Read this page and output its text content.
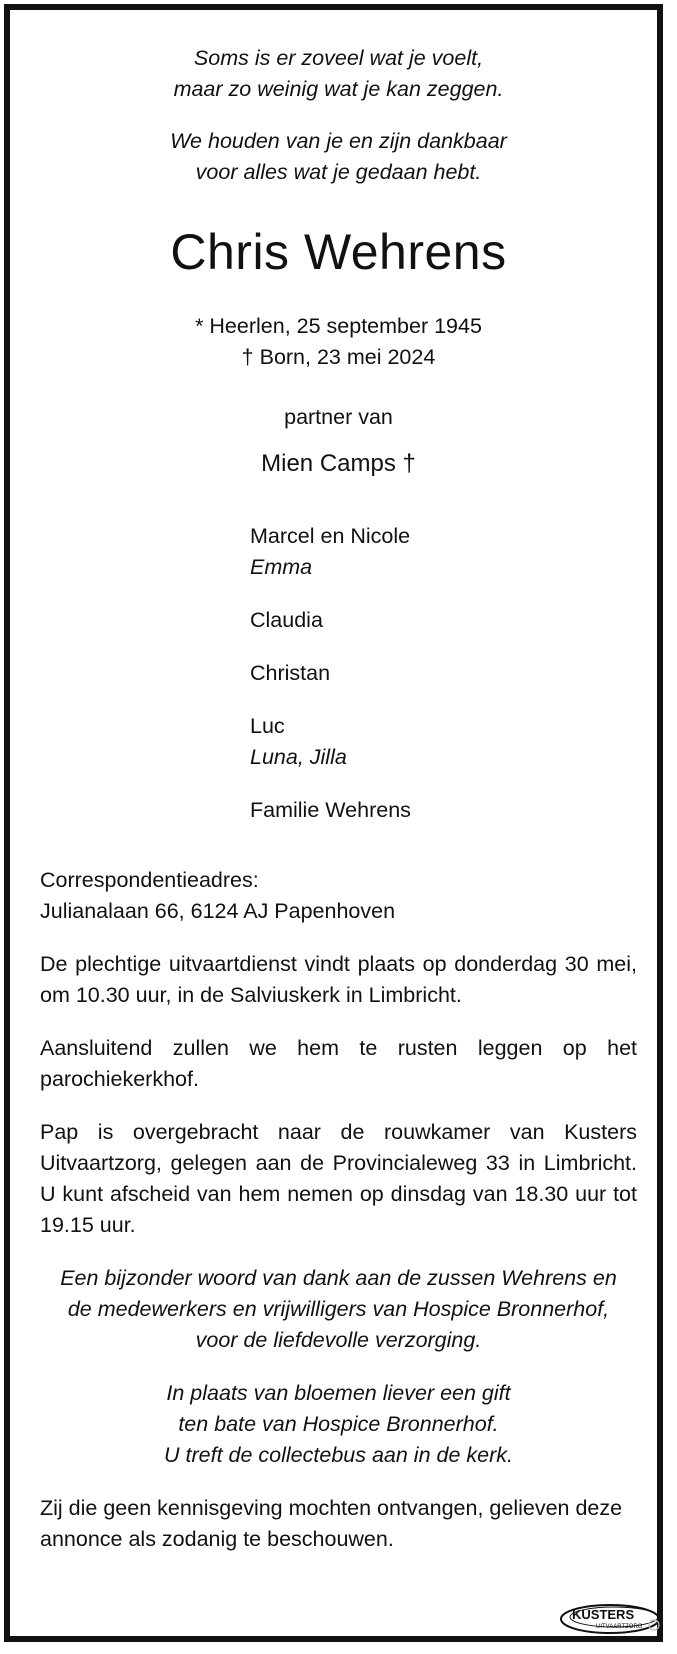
Soms is er zoveel wat je voelt,
maar zo weinig wat je kan zeggen.
We houden van je en zijn dankbaar
voor alles wat je gedaan hebt.
Chris Wehrens
* Heerlen, 25 september 1945
† Born, 23 mei 2024
partner van
Mien Camps †
Marcel en Nicole
Emma
Claudia
Christan
Luc
Luna, Jilla
Familie Wehrens
Correspondentieadres:
Julianalaan 66, 6124 AJ Papenhoven

De plechtige uitvaartdienst vindt plaats op donderdag 30 mei, om 10.30 uur, in de Salviuskerk in Limbricht.

Aansluitend zullen we hem te rusten leggen op het parochiekerkhof.

Pap is overgebracht naar de rouwkamer van Kusters Uitvaartzorg, gelegen aan de Provincialeweg 33 in Limbricht. U kunt afscheid van hem nemen op dinsdag van 18.30 uur tot 19.15 uur.

Een bijzonder woord van dank aan de zussen Wehrens en
de medewerkers en vrijwilligers van Hospice Bronnerhof,
voor de liefdevolle verzorging.
In plaats van bloemen liever een gift
ten bate van Hospice Bronnerhof.
U treft de collectebus aan in de kerk.

Zij die geen kennisgeving mochten ontvangen, gelieven deze annonce als zodanig te beschouwen.

KUSTERS
UITVAARTZORG
